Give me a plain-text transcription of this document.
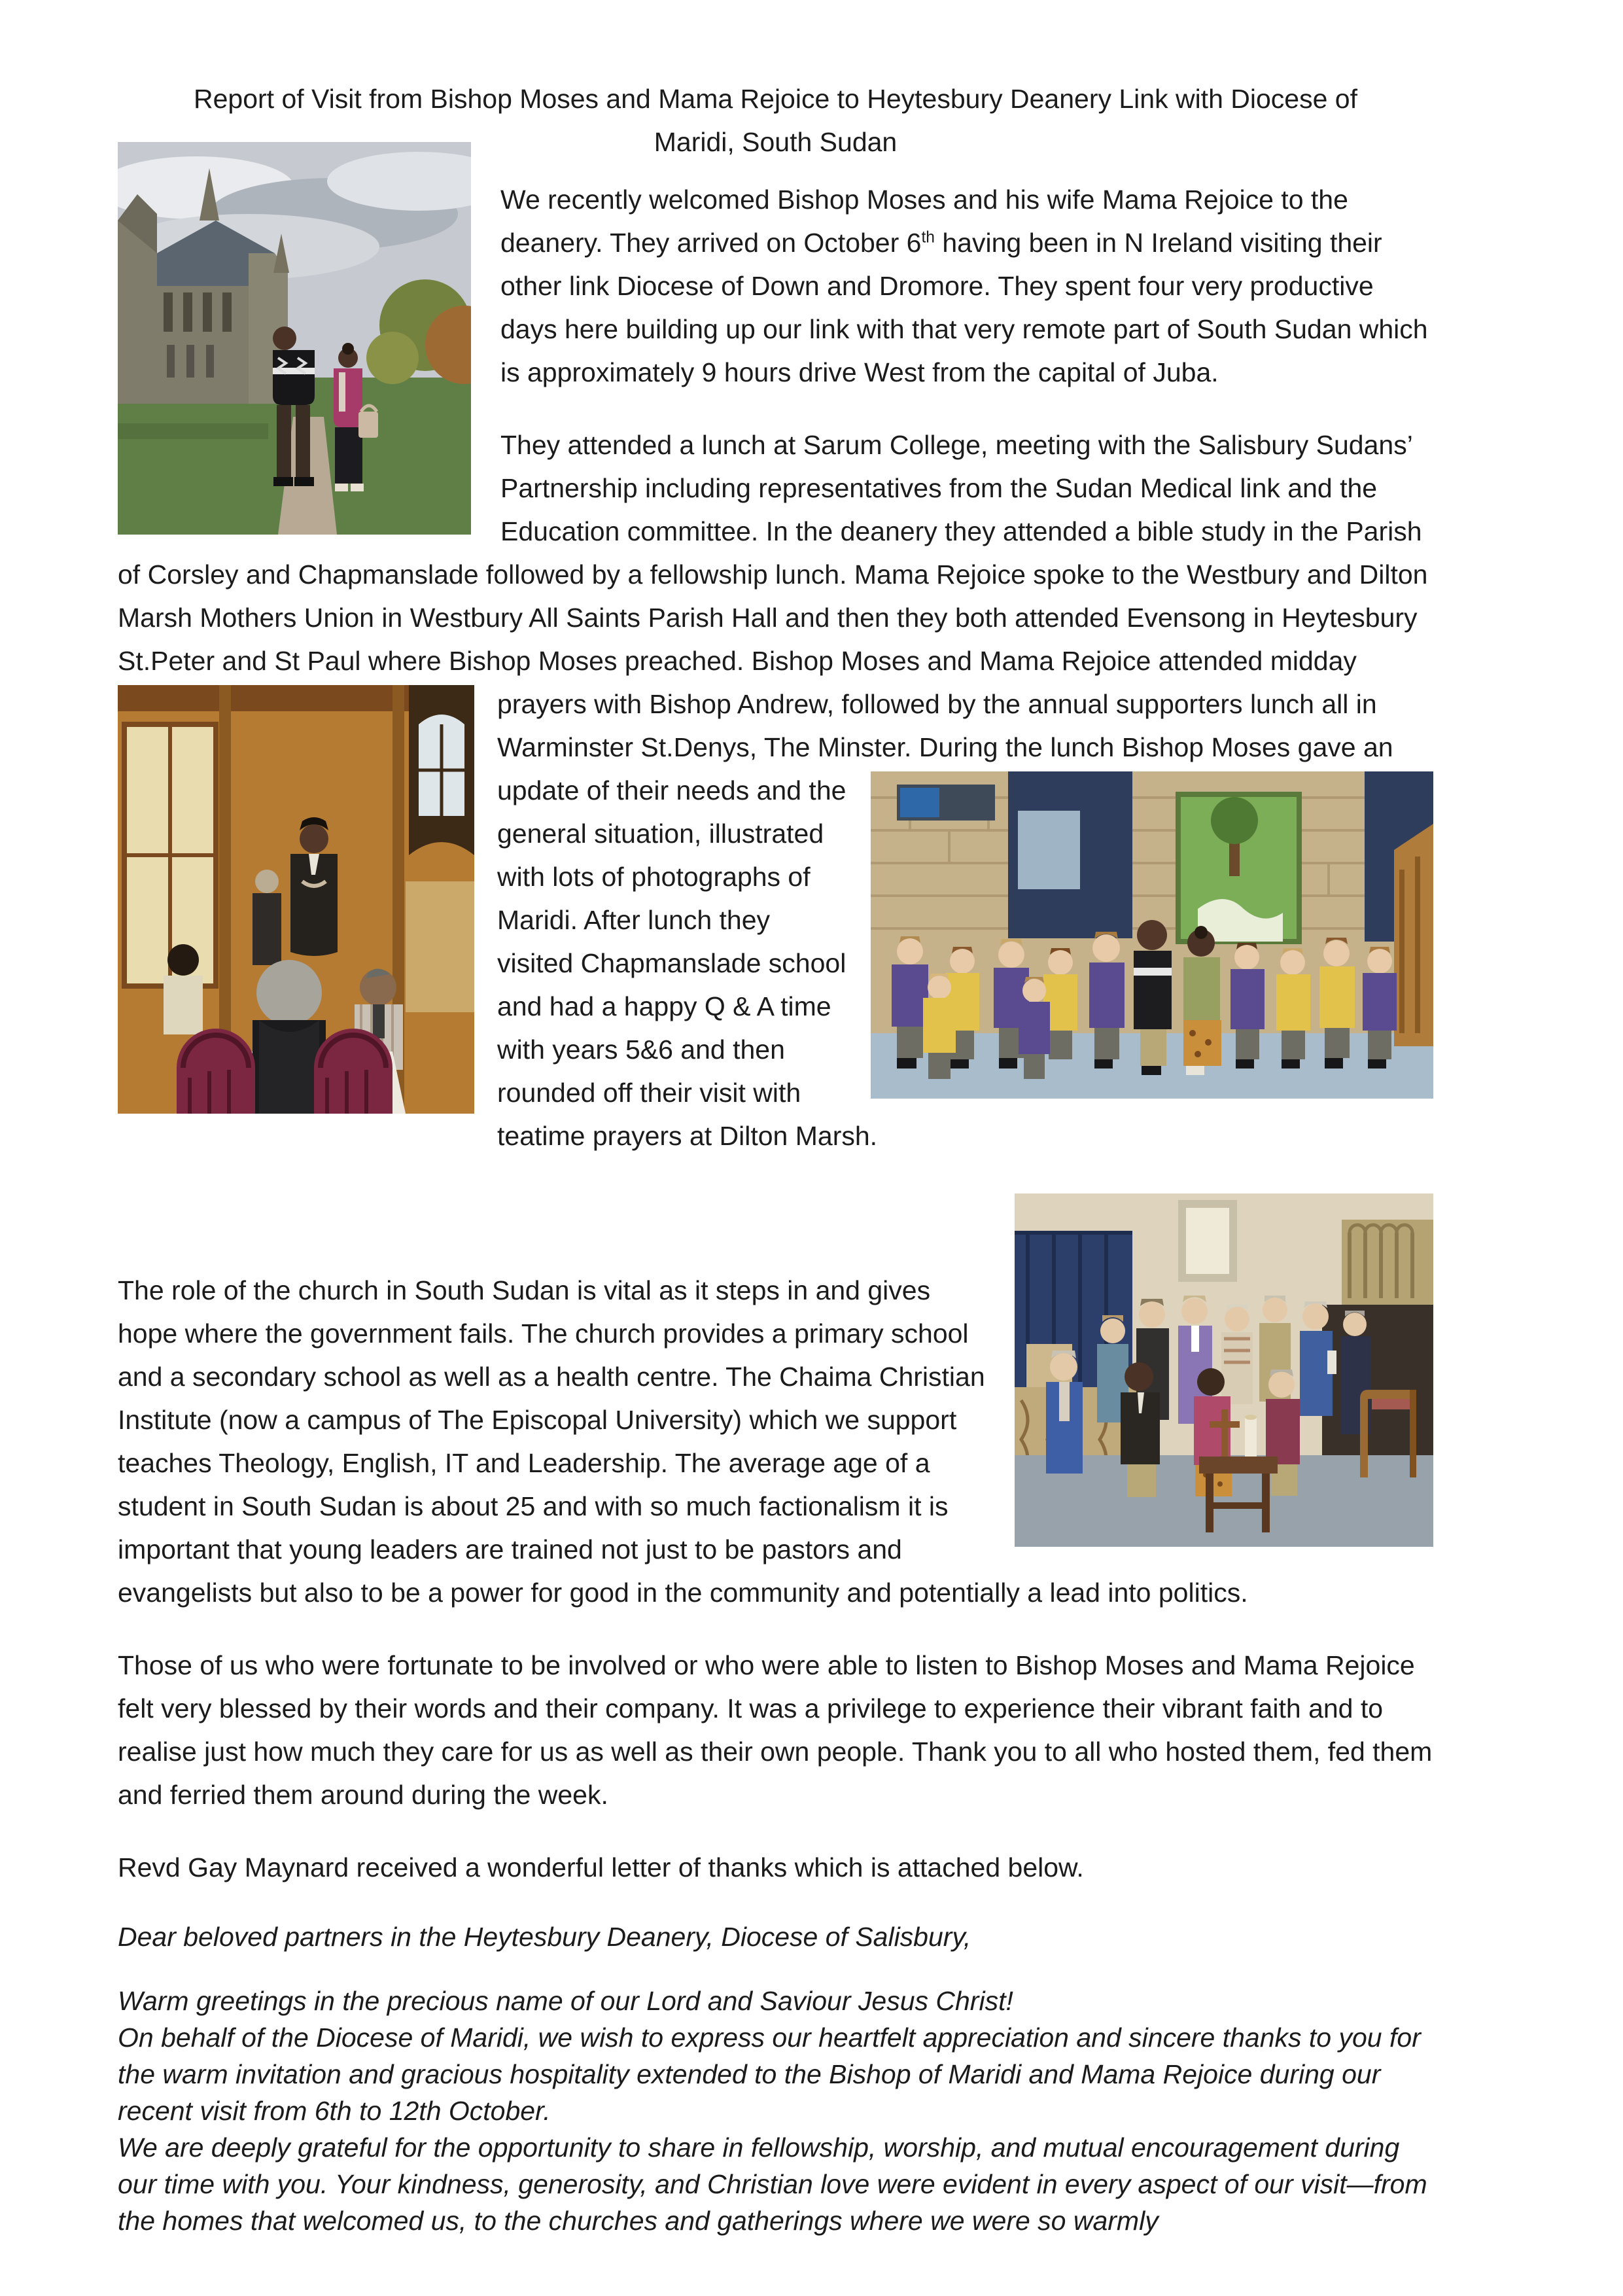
Report of Visit from Bishop Moses and Mama Rejoice to Heytesbury Deanery Link with Diocese of
Maridi, South Sudan

We recently welcomed Bishop Moses and his wife Mama Rejoice to the deanery. They arrived on October 6th having been in N Ireland visiting their other link Diocese of Down and Dromore. They spent four very productive days here building up our link with that very remote part of South Sudan which is approximately 9 hours drive West from the capital of Juba.

They attended a lunch at Sarum College, meeting with the Salisbury Sudans’ Partnership including representatives from the Sudan Medical link and the Education committee. In the deanery they attended a bible study in the Parish of Corsley and Chapmanslade followed by a fellowship lunch. Mama Rejoice spoke to the Westbury and Dilton Marsh Mothers Union in Westbury All Saints Parish Hall and then they both attended Evensong in Heytesbury St.Peter and St Paul where Bishop Moses preached. Bishop Moses and Mama Rejoice attended midday prayers with Bishop Andrew, followed by the annual supporters lunch all in
Warminster St.Denys, The Minster. During the lunch Bishop Moses gave
an update of their needs and the general situation, illustrated with lots of photographs of Maridi. After lunch they visited Chapmanslade school and had a happy Q & A time with years 5&6 and then rounded off their visit with teatime prayers at Dilton Marsh.

The role of the church in South Sudan is vital as it steps in and gives hope where the government fails. The church provides a primary school and a secondary school as well as a health centre. The Chaima Christian Institute (now a campus of The Episcopal University) which we support teaches Theology, English, IT and Leadership. The average age of a student in South Sudan is about 25 and with so much factionalism it is important that young leaders are trained not just to be pastors and evangelists but also to be a power for good in the community and potentially a lead into politics.

Those of us who were fortunate to be involved or who were able to listen to Bishop Moses and Mama Rejoice felt very blessed by their words and their company. It was a privilege to experience their vibrant faith and to realise just how much they care for us as well as their own people. Thank you to all who hosted them, fed them and ferried them around during the week.

Revd Gay Maynard received a wonderful letter of thanks which is attached below.

Dear beloved partners in the Heytesbury Deanery, Diocese of Salisbury,

Warm greetings in the precious name of our Lord and Saviour Jesus Christ!

On behalf of the Diocese of Maridi, we wish to express our heartfelt appreciation and sincere thanks to you for the warm invitation and gracious hospitality extended to the Bishop of Maridi and Mama Rejoice during our recent visit from 6th to 12th October.

We are deeply grateful for the opportunity to share in fellowship, worship, and mutual encouragement during our time with you. Your kindness, generosity, and Christian love were evident in every aspect of our visit—from the homes that welcomed us, to the churches and gatherings where we were so warmly
